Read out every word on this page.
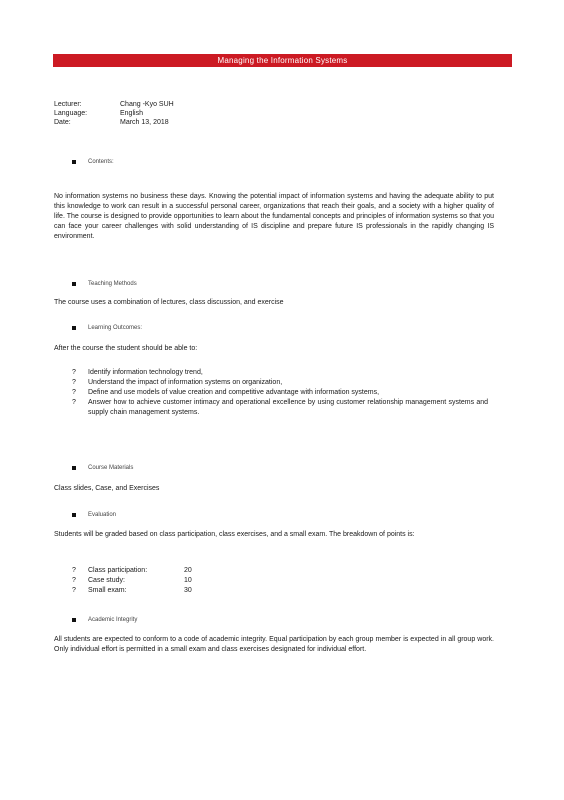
Managing the Information Systems
Lecturer:	Chang -Kyo SUH
Language:	English
Date:	March 13, 2018
Contents:
No information systems no business these days. Knowing the potential impact of information systems and having the adequate ability to put this knowledge to work can result in a successful personal career, organizations that reach their goals, and a society with a higher quality of life. The course is designed to provide opportunities to learn about the fundamental concepts and principles of information systems so that you can face your career challenges with solid understanding of IS discipline and prepare future IS professionals in the rapidly changing IS environment.
Teaching Methods
The course uses a combination of lectures, class discussion, and exercise
Learning Outcomes:
After the course the student should be able to:
?	Identify information technology trend,
?	Understand the impact of information systems on organization,
?	Define and use models of value creation and competitive advantage with information systems,
?	Answer how to achieve customer intimacy and operational excellence by using customer relationship management systems and supply chain management systems.
Course Materials
Class slides, Case, and Exercises
Evaluation
Students will be graded based on class participation, class exercises, and a small exam. The breakdown of points is:
?	Class participation:	20
?	Case study:	10
?	Small exam:	30
Academic Integrity
All students are expected to conform to a code of academic integrity. Equal participation by each group member is expected in all group work. Only individual effort is permitted in a small exam and class exercises designated for individual effort.
